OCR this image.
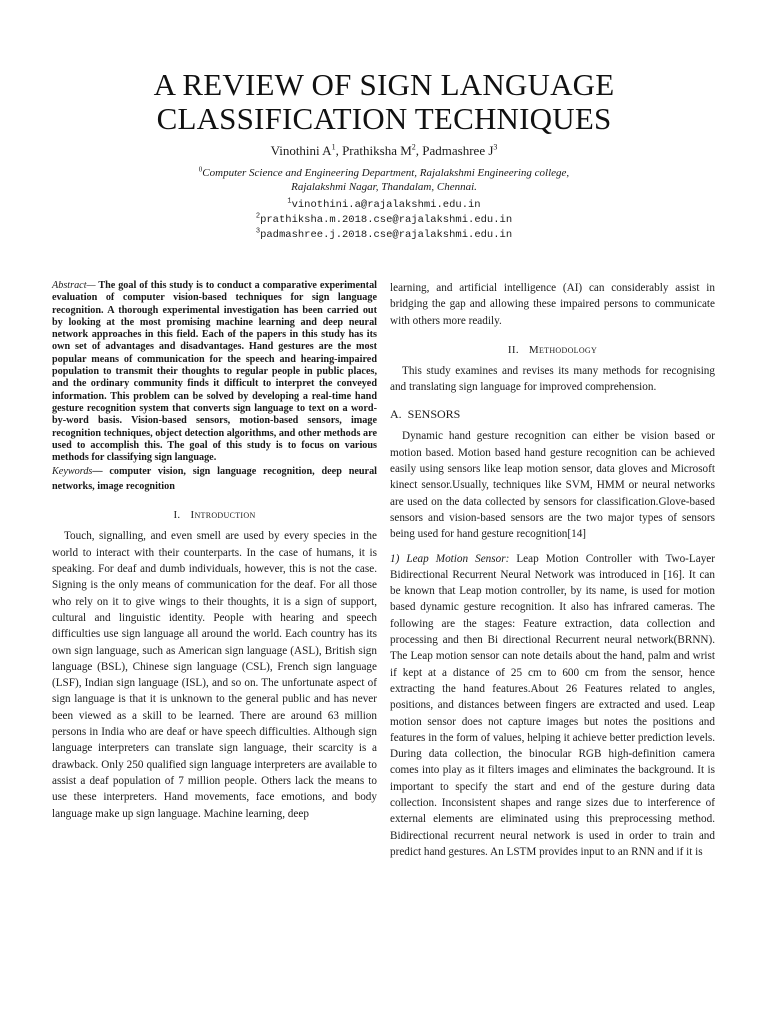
A REVIEW OF SIGN LANGUAGE
CLASSIFICATION TECHNIQUES
Vinothini $A^1$, Prathiksha $M^2$, Padmashree $J^3$
$^0$Computer Science and Engineering Department, Rajalakshmi Engineering college,
Rajalakshmi Nagar, Thandalam, Chennai.
$^1$vinothini.a@rajalakshmi.edu.in
$^2$prathiksha.m.2018.cse@rajalakshmi.edu.in
$^3$padmashree.j.2018.cse@rajalakshmi.edu.in

Abstract— The goal of this study is to conduct a comparative experimental evaluation of computer vision-based techniques for sign language recognition. A thorough experimental investigation has been carried out by looking at the most promising machine learning and deep neural network approaches in this field. Each of the papers in this study has its own set of advantages and disadvantages. Hand gestures are the most popular means of communication for the speech and hearing-impaired population to transmit their thoughts to regular people in public places, and the ordinary community finds it difficult to interpret the conveyed information. This problem can be solved by developing a real-time hand gesture recognition system that converts sign language to text on a word-by-word basis. Vision-based sensors, motion-based sensors, image recognition techniques, object detection algorithms, and other methods are used to accomplish this. The goal of this study is to focus on various methods for classifying sign language.

Keywords— computer vision, sign language recognition, deep neural networks, image recognition

I. Introduction

Touch, signalling, and even smell are used by every species in the world to interact with their counterparts. In the case of humans, it is speaking. For deaf and dumb individuals, however, this is not the case. Signing is the only means of communication for the deaf. For all those who rely on it to give wings to their thoughts, it is a sign of support, cultural and linguistic identity. People with hearing and speech difficulties use sign language all around the world. Each country has its own sign language, such as American sign language (ASL), British sign language (BSL), Chinese sign language (CSL), French sign language (LSF), Indian sign language (ISL), and so on. The unfortunate aspect of sign language is that it is unknown to the general public and has never been viewed as a skill to be learned. There are around 63 million persons in India who are deaf or have speech difficulties. Although sign language interpreters can translate sign language, their scarcity is a drawback. Only 250 qualified sign language interpreters are available to assist a deaf population of 7 million people. Others lack the means to use these interpreters. Hand movements, face emotions, and body language make up sign language. Machine learning, deep

learning, and artificial intelligence (AI) can considerably assist in bridging the gap and allowing these impaired persons to communicate with others more readily.

II. Methodology

This study examines and revises its many methods for recognising and translating sign language for improved comprehension.

A. SENSORS

Dynamic hand gesture recognition can either be vision based or motion based. Motion based hand gesture recognition can be achieved easily using sensors like leap motion sensor, data gloves and Microsoft kinect sensor.Usually, techniques like SVM, HMM or neural networks are used on the data collected by sensors for classification.Glove-based sensors and vision-based sensors are the two major types of sensors being used for hand gesture recognition[14]

1) Leap Motion Sensor: Leap Motion Controller with Two-Layer Bidirectional Recurrent Neural Network was introduced in [16]. It can be known that Leap motion controller, by its name, is used for motion based dynamic gesture recognition. It also has infrared cameras. The following are the stages: Feature extraction, data collection and processing and then Bi directional Recurrent neural network(BRNN). The Leap motion sensor can note details about the hand, palm and wrist if kept at a distance of 25 cm to 600 cm from the sensor, hence extracting the hand features.About 26 Features related to angles, positions, and distances between fingers are extracted and used. Leap motion sensor does not capture images but notes the positions and features in the form of values, helping it achieve better prediction levels. During data collection, the binocular RGB high-definition camera comes into play as it filters images and eliminates the background. It is important to specify the start and end of the gesture during data collection. Inconsistent shapes and range sizes due to interference of external elements are eliminated using this preprocessing method. Bidirectional recurrent neural network is used in order to train and predict hand gestures. An LSTM provides input to an RNN and if it is
